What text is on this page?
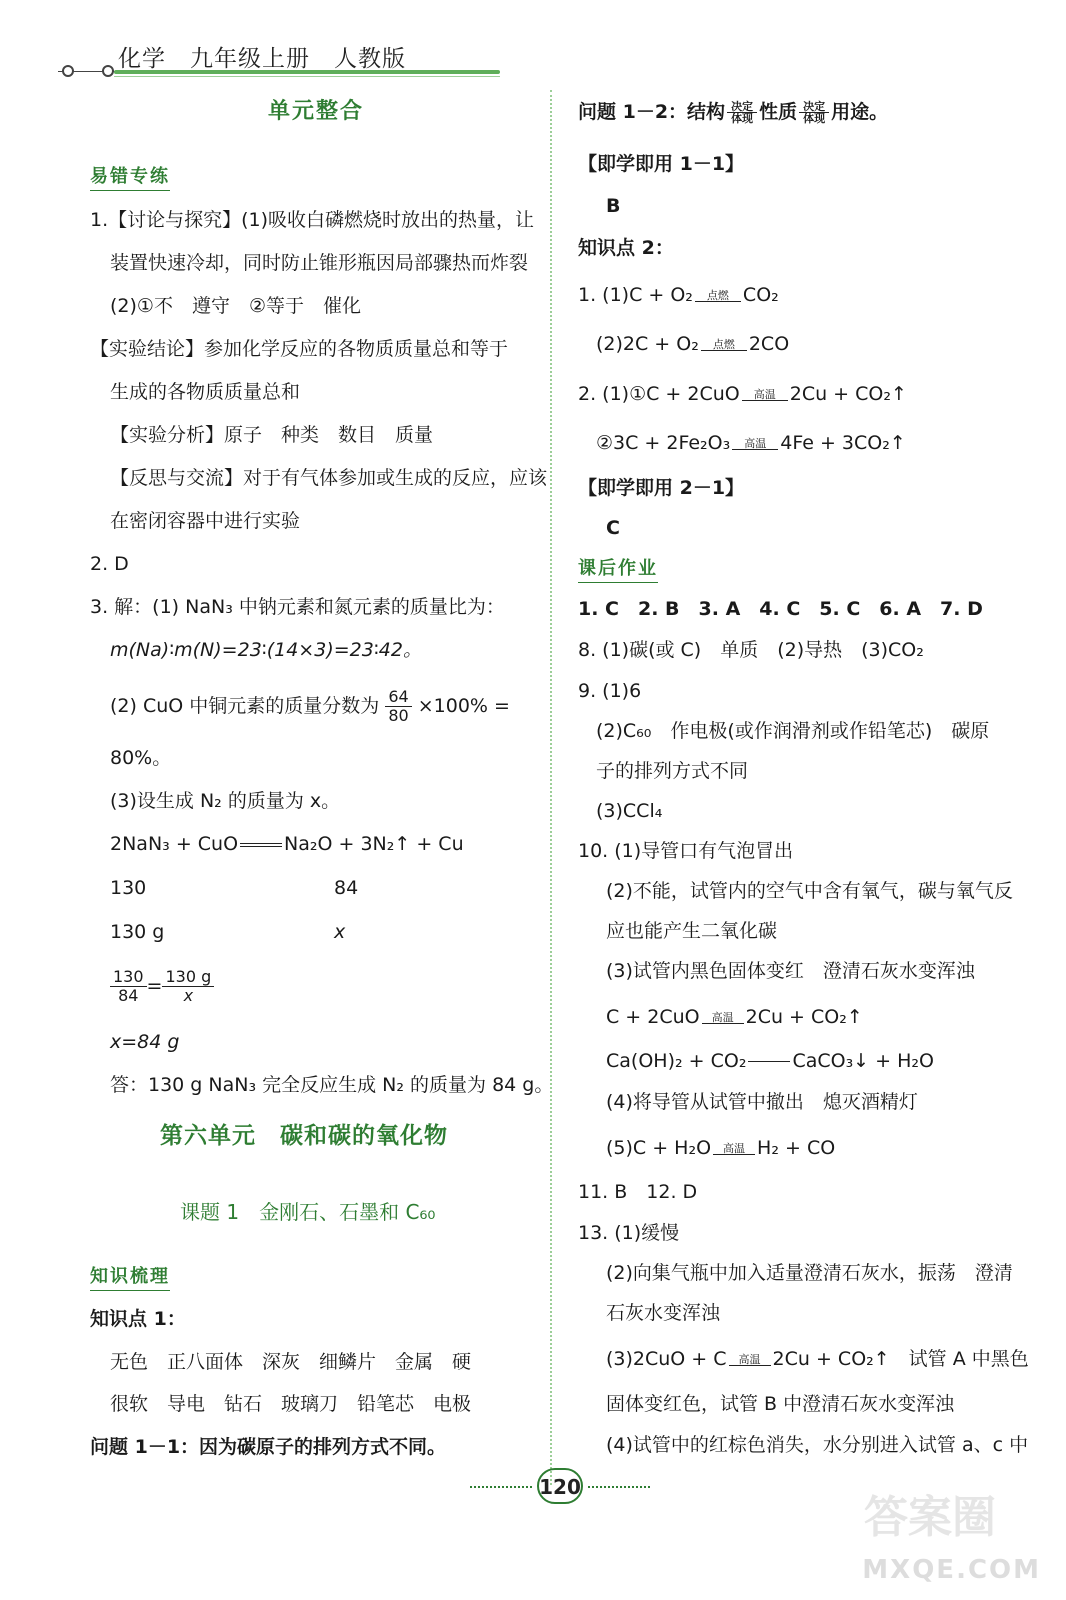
化学　九年级上册　人教版
单元整合
易错专练
1.【讨论与探究】(1)吸收白磷燃烧时放出的热量，让
装置快速冷却，同时防止锥形瓶因局部骤热而炸裂
(2)①不　遵守　②等于　催化
【实验结论】参加化学反应的各物质质量总和等于
生成的各物质质量总和
【实验分析】原子　种类　数目　质量
【反思与交流】对于有气体参加或生成的反应，应该
在密闭容器中进行实验
2. D
3. 解：(1) NaN₃ 中钠元素和氮元素的质量比为：
m(Na)∶m(N)=23∶(14×3)=23∶42。
(2) CuO 中铜元素的质量分数为 $\frac{64}{80} \times 100\%$ =
80%。
(3)设生成 N₂ 的质量为 x。
2NaN₃ + CuO Na₂O + 3N₂↑ + Cu
130	84
130 g	x
$\frac{130}{84} = \frac{130 g}{x}$
x=84 g
答：130 g NaN₃ 完全反应生成 N₂ 的质量为 84 g。
第六单元　碳和碳的氧化物
课题 1　金刚石、石墨和 C₆₀
知识梳理
知识点 1：
无色　正八面体　深灰　细鳞片　金属　硬
很软　导电　钻石　玻璃刀　铅笔芯　电极
问题 1－1：因为碳原子的排列方式不同。
问题 1－2：结构 决定
体现 性质 决定
体现 用途。
【即学即用 1－1】
B
知识点 2：
1. (1)C + O₂ 点燃 CO₂
(2)2C + O₂ 点燃 2CO
2. (1)①C + 2CuO 高温 2Cu + CO₂↑
②3C + 2Fe₂O₃ 高温 4Fe + 3CO₂↑
【即学即用 2－1】
C
课后作业
1. C　2. B　3. A　4. C　5. C　6. A　7. D
8. (1)碳(或 C)　单质　(2)导热　(3)CO₂
9. (1)6
(2)C₆₀　作电极(或作润滑剂或作铅笔芯)　碳原
子的排列方式不同
(3)CCl₄
10. (1)导管口有气泡冒出
(2)不能，试管内的空气中含有氧气，碳与氧气反
应也能产生二氧化碳
(3)试管内黑色固体变红　澄清石灰水变浑浊
C + 2CuO 高温 2Cu + CO₂↑
Ca(OH)₂ + CO₂ CaCO₃↓ + H₂O
(4)将导管从试管中撤出　熄灭酒精灯
(5)C + H₂O 高温 H₂ + CO
11. B　12. D
13. (1)缓慢
(2)向集气瓶中加入适量澄清石灰水，振荡　澄清
石灰水变浑浊
(3)2CuO + C 高温 2Cu + CO₂↑　试管 A 中黑色
固体变红色，试管 B 中澄清石灰水变浑浊
(4)试管中的红棕色消失，水分别进入试管 a、c 中
120
答案圈
MXQE.COM
